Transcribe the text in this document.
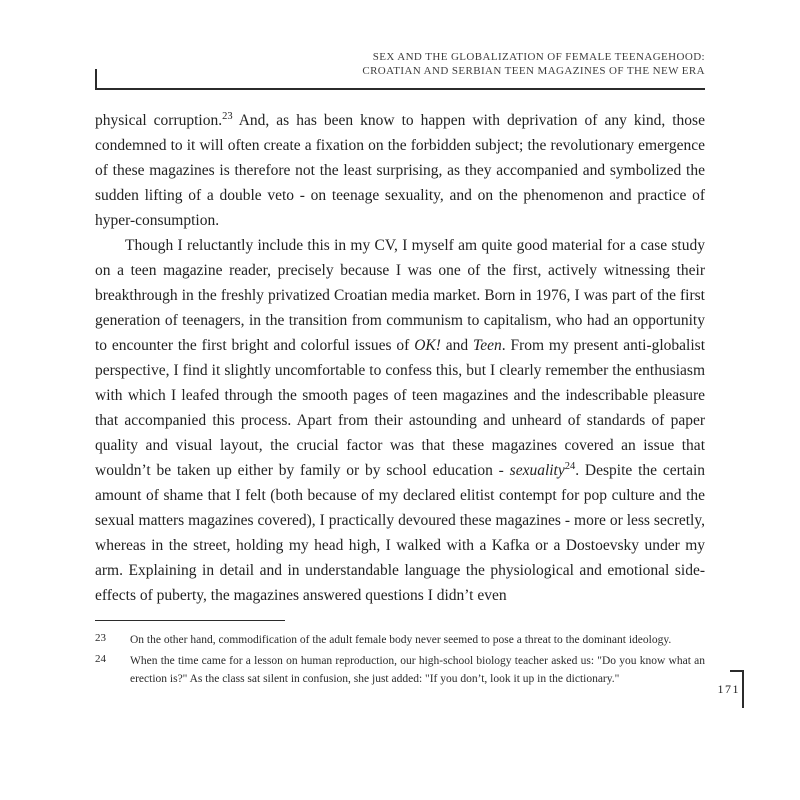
SEX AND THE GLOBALIZATION OF FEMALE TEENAGEHOOD:
CROATIAN AND SERBIAN TEEN MAGAZINES OF THE NEW ERA

physical corruption.$^{23}$ And, as has been know to happen with deprivation of any kind, those condemned to it will often create a fixation on the forbidden subject; the revolutionary emergence of these magazines is therefore not the least surprising, as they accompanied and symbolized the sudden lifting of a double veto - on teenage sexuality, and on the phenomenon and practice of hyper-consumption.

Though I reluctantly include this in my CV, I myself am quite good material for a case study on a teen magazine reader, precisely because I was one of the first, actively witnessing their breakthrough in the freshly privatized Croatian media market. Born in 1976, I was part of the first generation of teenagers, in the transition from communism to capitalism, who had an opportunity to encounter the first bright and colorful issues of OK! and Teen. From my present anti-globalist perspective, I find it slightly uncomfortable to confess this, but I clearly remember the enthusiasm with which I leafed through the smooth pages of teen magazines and the indescribable pleasure that accompanied this process. Apart from their astounding and unheard of standards of paper quality and visual layout, the crucial factor was that these magazines covered an issue that wouldn’t be taken up either by family or by school education - sexuality$^{24}$. Despite the certain amount of shame that I felt (both because of my declared elitist contempt for pop culture and the sexual matters magazines covered), I practically devoured these magazines - more or less secretly, whereas in the street, holding my head high, I walked with a Kafka or a Dostoevsky under my arm. Explaining in detail and in understandable language the physiological and emotional side-effects of puberty, the magazines answered questions I didn’t even

23	On the other hand, commodification of the adult female body never seemed to pose a threat to the dominant ideology.
24	When the time came for a lesson on human reproduction, our high-school biology teacher asked us: "Do you know what an erection is?" As the class sat silent in confusion, she just added: "If you don’t, look it up in the dictionary."
171
